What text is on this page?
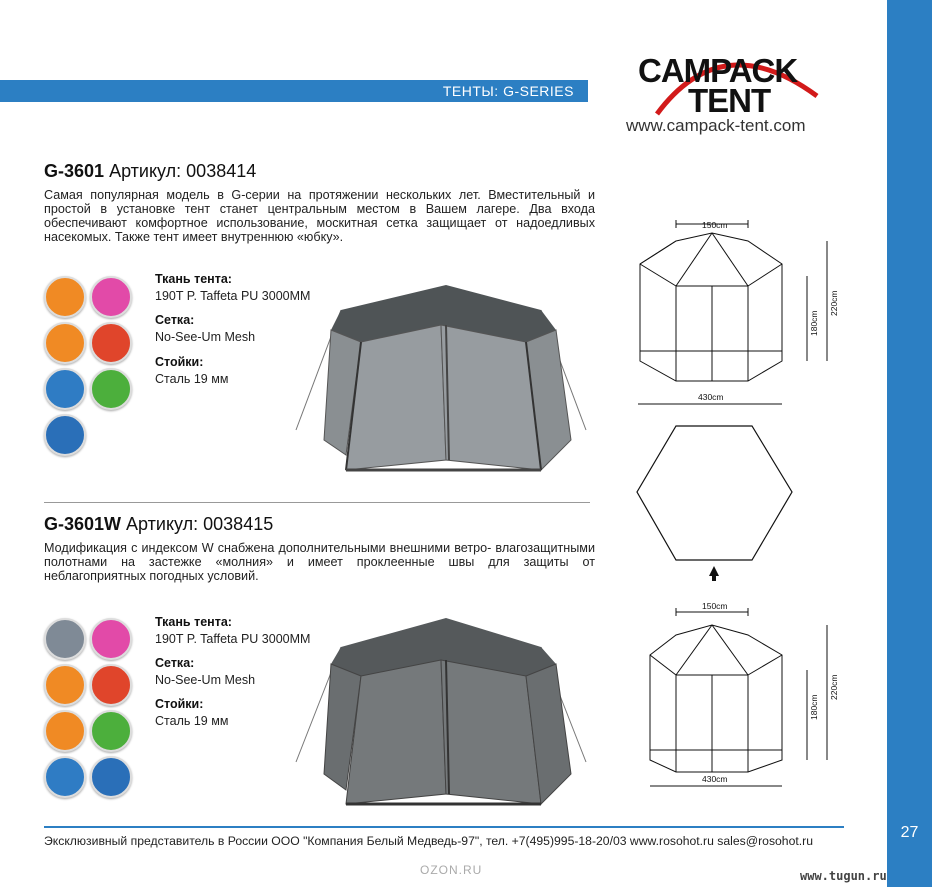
27
ТЕНТЫ: G-SERIES
CAMPACK
TENT
www.campack-tent.com
G-3601 Артикул: 0038414
Самая популярная модель в G-серии на протяжении нескольких лет. Вместительный и простой в установке тент станет центральным местом в Вашем лагере. Два входа обеспечивают комфортное использование, москитная сетка защищает от надоедливых насекомых. Также тент имеет внутреннюю «юбку».
Ткань тента:
190T P. Taffeta PU 3000MM
Сетка:
No-See-Um Mesh
Стойки:
Сталь 19 мм
G-3601W Артикул: 0038415
Модификация с индексом W снабжена дополнительными внешними ветро- влагозащитными полотнами на застежке «молния» и имеет проклеенные швы для защиты от неблагоприятных погодных условий.
Ткань тента:
190T P. Taffeta PU 3000MM
Сетка:
No-See-Um Mesh
Стойки:
Сталь 19 мм
150cm
180cm
220cm
430cm
150cm
180cm
220cm
430cm
Эксклюзивный представитель в России ООО "Компания Белый Медведь-97", тел. +7(495)995-18-20/03 www.rosohot.ru sales@rosohot.ru
OZON.RU	www.tugun.ru
